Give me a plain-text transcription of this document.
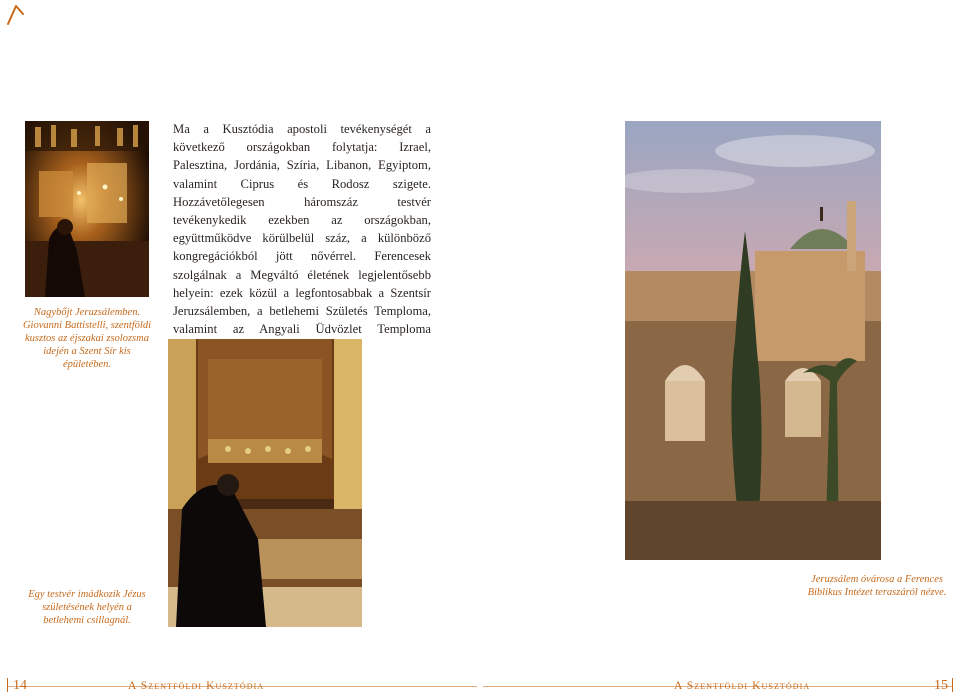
Nagybőjt Jeruzsálemben. Giovanni Battistelli, szentföldi kusztos az éjszakai zsolozsma idején a Szent Sír kis épületében.
Ma a Kusztódia apostoli tevékenységét a következő országokban folytatja: Izrael, Palesztina, Jordánia, Szíria, Libanon, Egyiptom, valamint Ciprus és Rodosz szigete. Hozzávetőlegesen háromszáz testvér tevékenykedik ezekben az országokban, együttműködve körülbelül száz, a különböző kongregációkból jött nővérrel. Ferencesek szolgálnak a Megváltó életének legjelentősebb helyein: ezek közül a legfontosabbak a Szentsír Jeruzsálemben, a betlehemi Születés Temploma, valamint az Angyali Üdvözlet Temploma
Egy testvér imádkozik Jézus születésének helyén a betlehemi csillagnál.
Jeruzsálem óvárosa a Ferences Biblikus Intézet teraszáról nézve.
14	A Szentföldi Kusztódia	A Szentföldi Kusztódia	15
